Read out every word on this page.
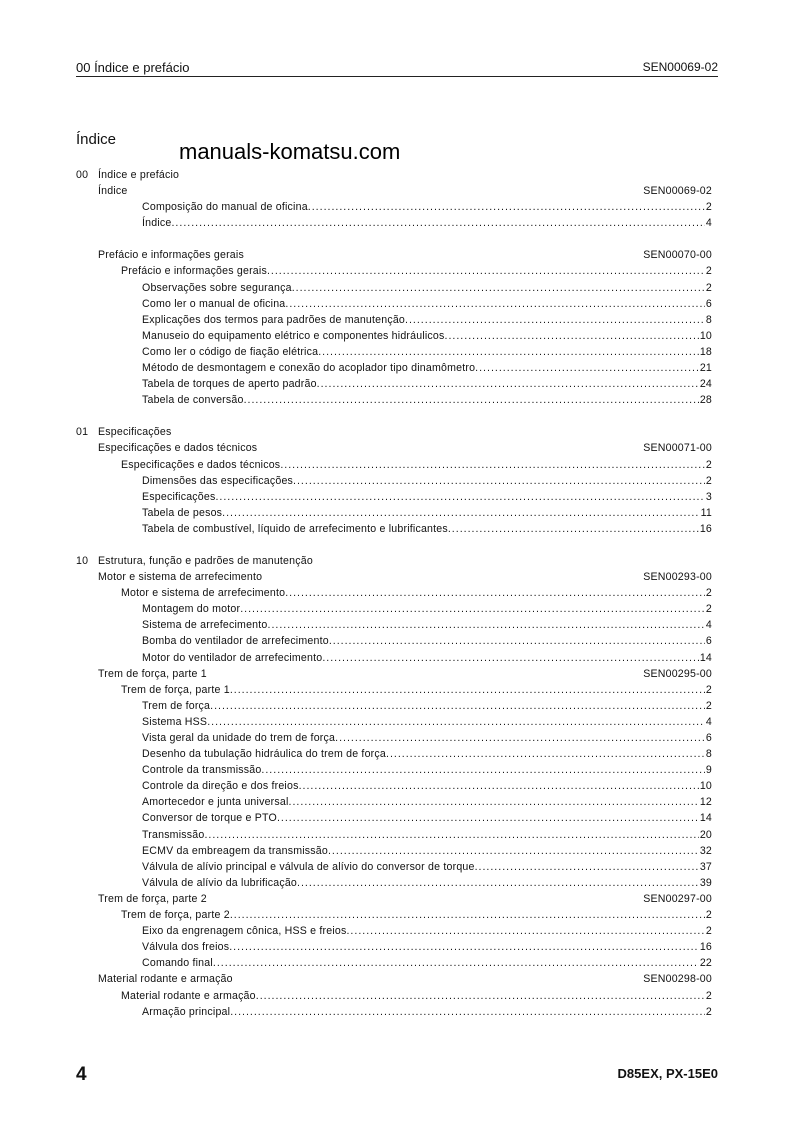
00 Índice e prefácio	SEN00069-02
Índice	manuals-komatsu.com
00 Índice e prefácio
Índice	SEN00069-02
Composição do manual de oficina .....	2
Índice .....	4
Prefácio e informações gerais	SEN00070-00
Prefácio e informações gerais .....	2
Observações sobre segurança .....	2
Como ler o manual de oficina .....	6
Explicações dos termos para padrões de manutenção .....	8
Manuseio do equipamento elétrico e componentes hidráulicos .....	10
Como ler o código de fiação elétrica .....	18
Método de desmontagem e conexão do acoplador tipo dinamômetro .....	21
Tabela de torques de aperto padrão .....	24
Tabela de conversão .....	28
01 Especificações
Especificações e dados técnicos	SEN00071-00
Especificações e dados técnicos .....	2
Dimensões das especificações .....	2
Especificações .....	3
Tabela de pesos .....	11
Tabela de combustível, líquido de arrefecimento e lubrificantes .....	16
10 Estrutura, função e padrões de manutenção
Motor e sistema de arrefecimento	SEN00293-00
Motor e sistema de arrefecimento .....	2
Montagem do motor .....	2
Sistema de arrefecimento .....	4
Bomba do ventilador de arrefecimento .....	6
Motor do ventilador de arrefecimento .....	14
Trem de força, parte 1	SEN00295-00
Trem de força, parte 1 .....	2
Trem de força .....	2
Sistema HSS .....	4
Vista geral da unidade do trem de força .....	6
Desenho da tubulação hidráulica do trem de força .....	8
Controle da transmissão .....	9
Controle da direção e dos freios .....	10
Amortecedor e junta universal .....	12
Conversor de torque e PTO .....	14
Transmissão .....	20
ECMV da embreagem da transmissão .....	32
Válvula de alívio principal e válvula de alívio do conversor de torque .....	37
Válvula de alívio da lubrificação .....	39
Trem de força, parte 2	SEN00297-00
Trem de força, parte 2 .....	2
Eixo da engrenagem cônica, HSS e freios .....	2
Válvula dos freios .....	16
Comando final .....	22
Material rodante e armação	SEN00298-00
Material rodante e armação .....	2
Armação principal .....	2
4	D85EX, PX-15E0
